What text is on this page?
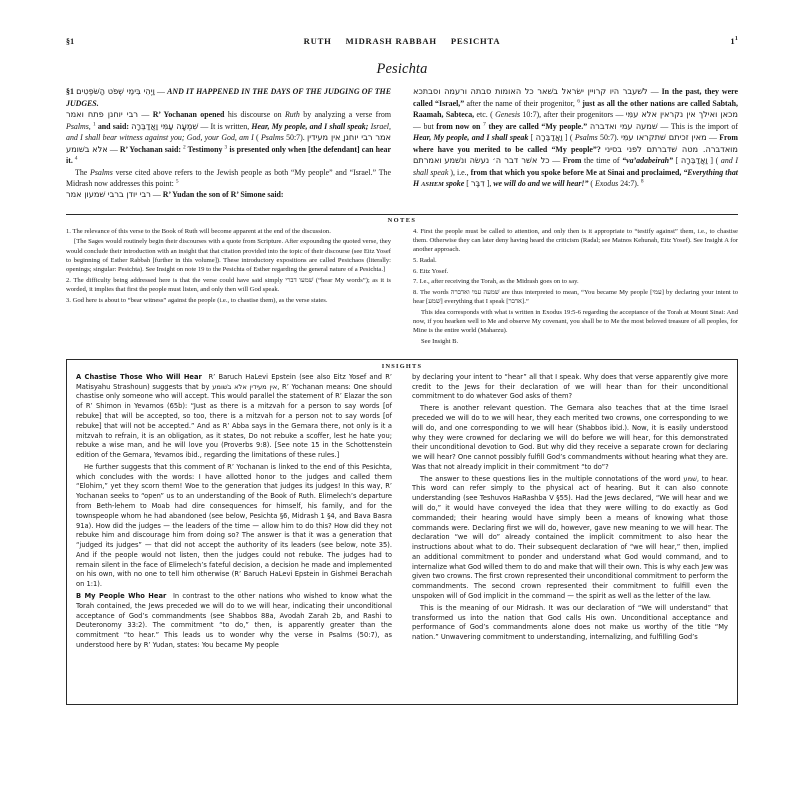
§1	RUTH MIDRASH RABBAH PESICHTA	$1^1$
Pesichta

§1 וַיְהִי בִּימֵי שְׁפֹט הַשֹּׁפְטִים — AND IT HAPPENED IN THE DAYS OF THE JUDGING OF THE JUDGES.

רבי יוחנן פתח ואמר — R’ Yochanan opened his discourse on Ruth by analyzing a verse from Psalms, $^1$ and said: שִׁמְעָה עַמִּי וַאֲדַבֵּרָה — It is written, Hear, My people, and I shall speak; Israel, and I shall bear witness against you; God, your God, am I ( Psalms 50:7). אמר רבי יוחנןַ אין מעידין אלא בשׁומע — R’ Yochanan said: $^2$ Testimony $^3$ is presented only when [the defendant] can hear it. $^4$

The Psalms verse cited above refers to the Jewish people as both “My people” and “Israel.” The Midrash now addresses this point: $^5$

רבי יודן ברבי שׁמעון אמר — R’ Yudan the son of R’ Simone said:

לשׁעבר היו קרויין ישׂראל בשׁאר כל האומות סבתה ורעמה וסבתכא — In the past, they were called “Israel,” after the name of their progenitor, $^6$ just as all the other nations are called Sabtah, Raamah, Sabteca, etc. ( Genesis 10:7), after their progenitors — מכאן ואילך אין נקראין אלא עמִּי — but from now on $^7$ they are called “My people.” שׁמעה עמי ואדברה — This is the import of Hear, My people, and I shall speak [ וַאֲדַבֵּרָה ] ( Psalms 50:7). מאין זכיתם שׁתקראו עמִּי — From where have you merited to be called “My people”? מואדברה. מטה שׁדברתם לפני בסיני ואמרתם כל אשׁר דבר ה׳ נעשׂה ונשׁמע — From the time of “va’adabeirah” [ וַאֲדַבֵּרָה ] ( and I shall speak ), i.e., from that which you spoke before Me at Sinai and proclaimed, “Everything that H ASHEM spoke [ דִבֶּר ], we will do and we will hear!” ( Exodus 24:7). $^8$

NOTES

1. The relevance of this verse to the Book of Ruth will become apparent at the end of the discussion.

[The Sages would routinely begin their discourses with a quote from Scripture. After expounding the quoted verse, they would conclude their introduction with an insight that that citation provided into the topic of their discourse (see Eitz Yosef to beginning of Esther Rabbah [further in this volume]). These introductory expositions are called Pesichaos (literally: openings; singular: Pesichta). See Insight on note 19 to the Pesichta of Esther regarding the general nature of a Pesichta.]

2. The difficulty being addressed here is that the verse could have said simply שׁמעו דברי (“hear My words”); as it is worded, it implies that first the people must listen, and only then will God speak.

3. God here is about to “bear witness” against the people (i.e., to chastise them), as the verse states.

4. First the people must be called to attention, and only then is it appropriate to “testify against” them, i.e., to chastise them. Otherwise they can later deny having heard the criticism (Radal; see Matnos Kehunah, Eitz Yosef). See Insight A for another approach.

5. Radal.

6. Eitz Yosef.

7. I.e., after receiving the Torah, as the Midrash goes on to say.

8. The words שׁמעה עמי ואדברה are thus interpreted to mean, “You became My people [עמי] by declaring your intent to hear [שׁמע] everything that I speak [אדבר].”

This idea corresponds with what is written in Exodus 19:5-6 regarding the acceptance of the Torah at Mount Sinai: And now, if you hearken well to Me and observe My covenant, you shall be to Me the most beloved treasure of all peoples, for Mine is the entire world (Maharzu).

See Insight B.

INSIGHTS

A Chastise Those Who Will Hear R’ Baruch HaLevi Epstein (see also Eitz Yosef and R’ Matisyahu Strashoun) suggests that by אין מעידין אלא בשׁומע, R’ Yochanan means: One should chastise only someone who will accept. This would parallel the statement of R’ Elazar the son of R’ Shimon in Yevamos (65b): “Just as there is a mitzvah for a person to say words [of rebuke] that will be accepted, so too, there is a mitzvah for a person not to say words [of rebuke] that will not be accepted.” And as R’ Abba says in the Gemara there, not only is it a mitzvah to refrain, it is an obligation, as it states, Do not rebuke a scoffer, lest he hate you; rebuke a wise man, and he will love you (Proverbs 9:8). [See note 15 in the Schottenstein edition of the Gemara, Yevamos ibid., regarding the limitations of these rules.]

He further suggests that this comment of R’ Yochanan is linked to the end of this Pesichta, which concludes with the words: I have allotted honor to the judges and called them “Elohim,” yet they scorn them! Woe to the generation that judges its judges! In this way, R’ Yochanan seeks to “open” us to an understanding of the Book of Ruth. Elimelech’s departure from Beth-lehem to Moab had dire consequences for himself, his family, and for the townspeople whom he had abandoned (see below, Pesichta §6, Midrash 1 §4, and Bava Basra 91a). How did the judges — the leaders of the time — allow him to do this? How did they not rebuke him and discourage him from doing so? The answer is that it was a generation that “judged its judges” — that did not accept the authority of its leaders (see below, note 35). And if the people would not listen, then the judges could not rebuke. The judges had to remain silent in the face of Elimelech’s fateful decision, a decision he made and implemented on his own, with no one to tell him otherwise (R’ Baruch HaLevi Epstein in Gishmei Berachah on 1:1).

B My People Who Hear In contrast to the other nations who wished to know what the Torah contained, the Jews preceded we will do to we will hear, indicating their unconditional acceptance of God’s commandments (see Shabbos 88a, Avodah Zarah 2b, and Rashi to Deuteronomy 33:2). The commitment “to do,” then, is apparently greater than the commitment “to hear.” This leads us to wonder why the verse in Psalms (50:7), as understood here by R’ Yudan, states: You became My people

by declaring your intent to “hear” all that I speak. Why does that verse apparently give more credit to the Jews for their declaration of we will hear than for their unconditional commitment to do whatever God asks of them?

There is another relevant question. The Gemara also teaches that at the time Israel preceded we will do to we will hear, they each merited two crowns, one corresponding to we will do, and one corresponding to we will hear (Shabbos ibid.). Now, it is easily understood why they were crowned for declaring we will do before we will hear, for this demonstrated their unconditional devotion to God. But why did they receive a separate crown for declaring we will hear? One cannot possibly fulfill God’s commandments without hearing what they are. Was that not already implicit in their commitment “to do”?

The answer to these questions lies in the multiple connotations of the word שׁמע, to hear. This word can refer simply to the physical act of hearing. But it can also connote understanding (see Teshuvos HaRashba V §55). Had the Jews declared, “We will hear and we will do,” it would have conveyed the idea that they were willing to do exactly as God commanded; their hearing would have simply been a means of knowing what those commands were. Declaring first we will do, however, gave new meaning to we will hear. The declaration “we will do” already contained the implicit commitment to also hear the instructions about what to do. Their subsequent declaration of “we will hear,” then, implied an additional commitment to ponder and understand what God would command, and to internalize what God willed them to do and make that will their own. This is why each Jew was given two crowns. The first crown represented their unconditional commitment to perform the commandments. The second crown represented their commitment to fulfill even the unspoken will of God implicit in the command — the spirit as well as the letter of the law.

This is the meaning of our Midrash. It was our declaration of “We will understand” that transformed us into the nation that God calls His own. Unconditional acceptance and performance of God’s commandments alone does not make us worthy of the title “My nation.” Unwavering commitment to understanding, internalizing, and fulfilling God’s
